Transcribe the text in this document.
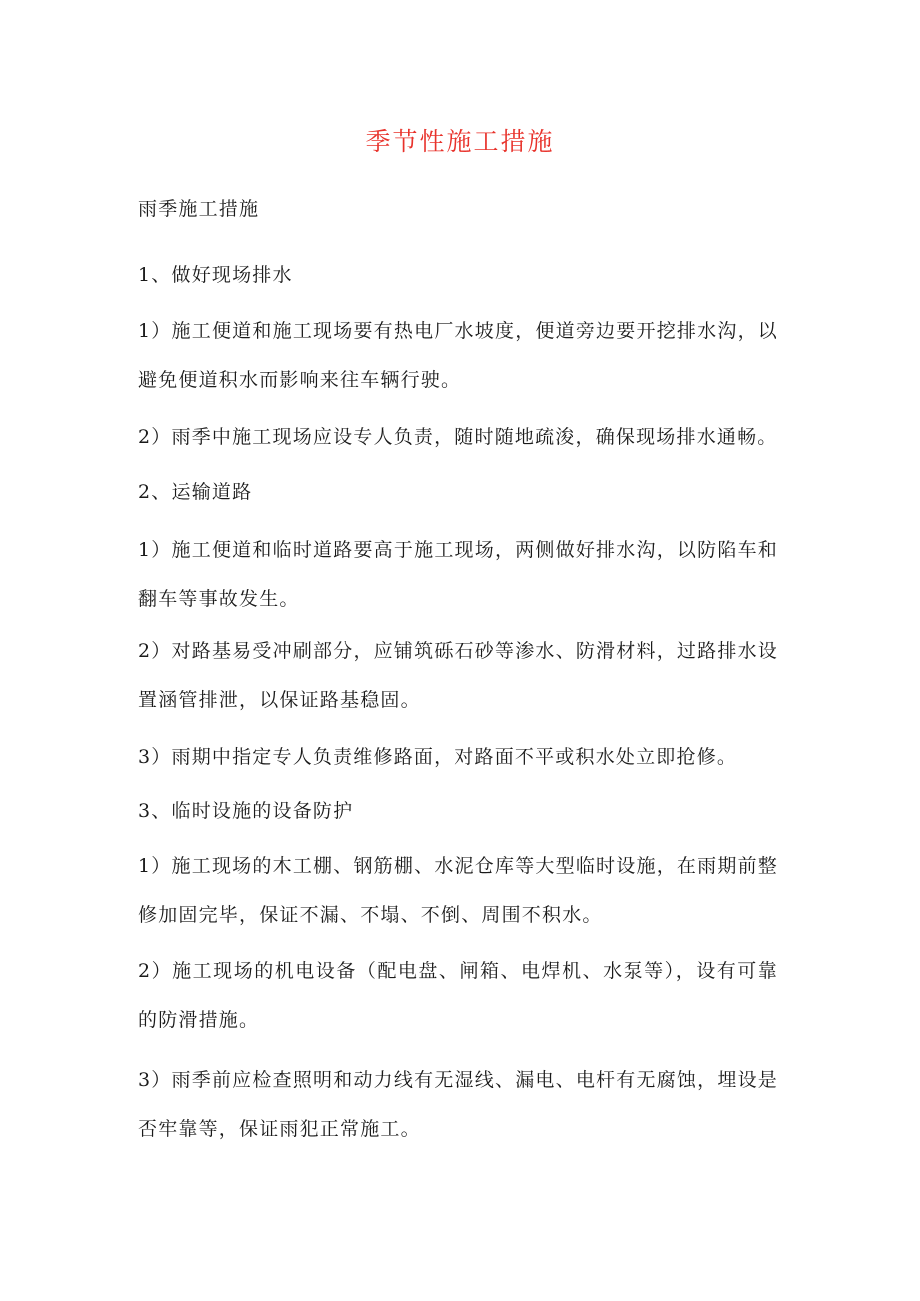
季节性施工措施

雨季施工措施

1、做好现场排水

1）施工便道和施工现场要有热电厂水坡度，便道旁边要开挖排水沟，以避免便道积水而影响来往车辆行驶。

2）雨季中施工现场应设专人负责，随时随地疏浚，确保现场排水通畅。

2、运输道路

1）施工便道和临时道路要高于施工现场，两侧做好排水沟，以防陷车和翻车等事故发生。

2）对路基易受冲刷部分，应铺筑砾石砂等渗水、防滑材料，过路排水设置涵管排泄，以保证路基稳固。

3）雨期中指定专人负责维修路面，对路面不平或积水处立即抢修。

3、临时设施的设备防护

1）施工现场的木工棚、钢筋棚、水泥仓库等大型临时设施，在雨期前整修加固完毕，保证不漏、不塌、不倒、周围不积水。

2）施工现场的机电设备（配电盘、闸箱、电焊机、水泵等），设有可靠的防滑措施。

3）雨季前应检查照明和动力线有无湿线、漏电、电杆有无腐蚀，埋设是否牢靠等，保证雨犯正常施工。
